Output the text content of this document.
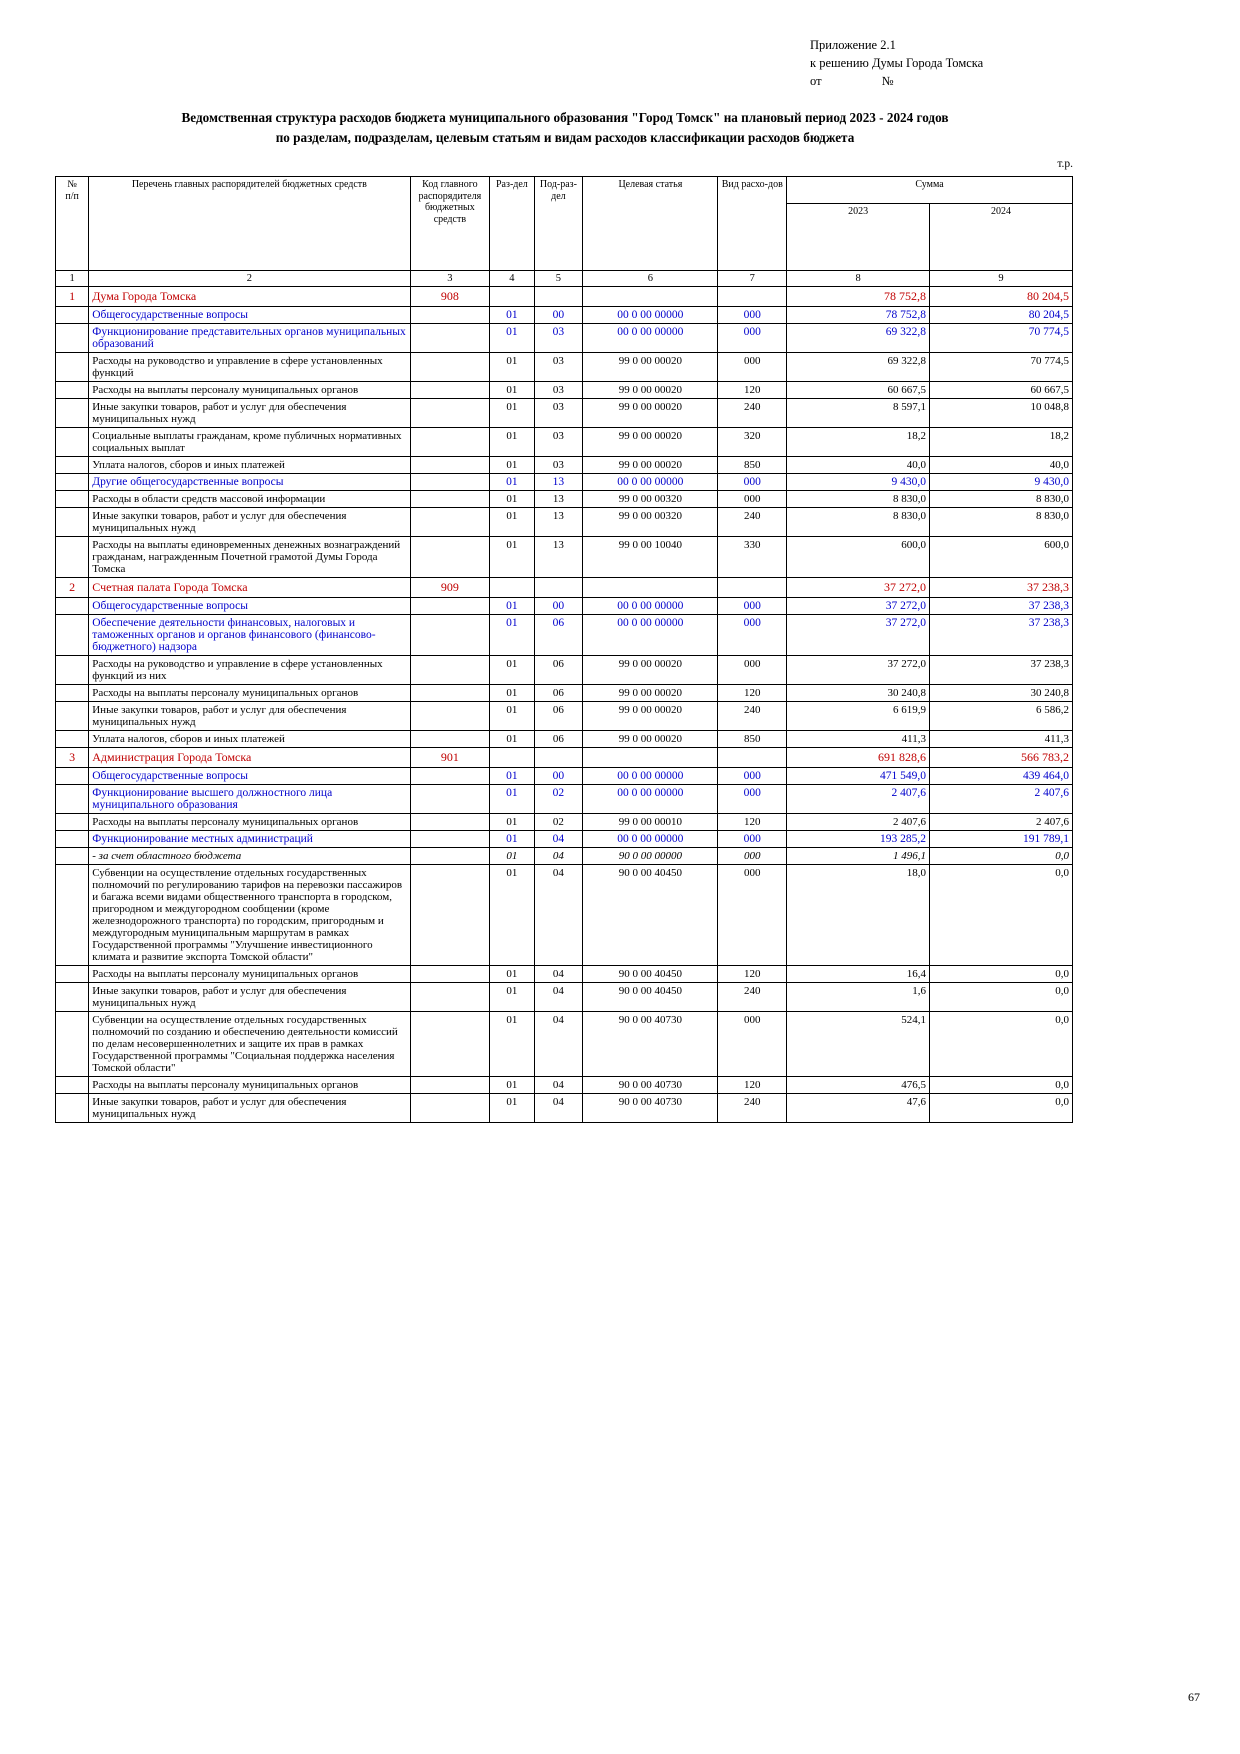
Приложение 2.1
к решению Думы Города Томска
от	№
Ведомственная структура расходов бюджета муниципального образования "Город Томск" на плановый период 2023 - 2024 годов
по разделам, подразделам, целевым статьям и видам расходов классификации расходов бюджета
т.р.
№
п/п	Перечень главных распорядителей бюджетных средств	Код главного распорядителя бюджетных средств	Раз-дел	Под-раз-дел	Целевая статья	Вид расхо-дов	Сумма	
							2023	2024
1	2	3	4	5	6	7	8	9
1	Дума Города Томска	908					78 752,8	80 204,5
	Общегосударственные вопросы		01	00	00 0 00 00000	000	78 752,8	80 204,5
	Функционирование представительных органов муниципальных образований		01	03	00 0 00 00000	000	69 322,8	70 774,5
	Расходы на руководство и управление в сфере установленных функций		01	03	99 0 00 00020	000	69 322,8	70 774,5
	Расходы на выплаты персоналу муниципальных органов		01	03	99 0 00 00020	120	60 667,5	60 667,5
	Иные закупки товаров, работ и услуг для обеспечения муниципальных нужд		01	03	99 0 00 00020	240	8 597,1	10 048,8
	Социальные выплаты гражданам, кроме публичных нормативных социальных выплат		01	03	99 0 00 00020	320	18,2	18,2
	Уплата налогов, сборов и иных платежей		01	03	99 0 00 00020	850	40,0	40,0
	Другие общегосударственные вопросы		01	13	00 0 00 00000	000	9 430,0	9 430,0
	Расходы в области средств массовой информации		01	13	99 0 00 00320	000	8 830,0	8 830,0
	Иные закупки товаров, работ и услуг для обеспечения муниципальных нужд		01	13	99 0 00 00320	240	8 830,0	8 830,0
	Расходы на выплаты единовременных денежных вознаграждений гражданам, награжденным Почетной грамотой Думы Города Томска		01	13	99 0 00 10040	330	600,0	600,0
2	Счетная палата Города Томска	909					37 272,0	37 238,3
	Общегосударственные вопросы		01	00	00 0 00 00000	000	37 272,0	37 238,3
	Обеспечение деятельности финансовых, налоговых и таможенных органов и органов финансового (финансово-бюджетного) надзора		01	06	00 0 00 00000	000	37 272,0	37 238,3
	Расходы на руководство и управление в сфере установленных функций из них		01	06	99 0 00 00020	000	37 272,0	37 238,3
	Расходы на выплаты персоналу муниципальных органов		01	06	99 0 00 00020	120	30 240,8	30 240,8
	Иные закупки товаров, работ и услуг для обеспечения муниципальных нужд		01	06	99 0 00 00020	240	6 619,9	6 586,2
	Уплата налогов, сборов и иных платежей		01	06	99 0 00 00020	850	411,3	411,3
3	Администрация Города Томска	901					691 828,6	566 783,2
	Общегосударственные вопросы		01	00	00 0 00 00000	000	471 549,0	439 464,0
	Функционирование высшего должностного лица муниципального образования		01	02	00 0 00 00000	000	2 407,6	2 407,6
	Расходы на выплаты персоналу муниципальных органов		01	02	99 0 00 00010	120	2 407,6	2 407,6
	Функционирование местных администраций		01	04	00 0 00 00000	000	193 285,2	191 789,1
	- за счет областного бюджета		01	04	90 0 00 00000	000	1 496,1	0,0
	Субвенции на осуществление отдельных государственных полномочий по регулированию тарифов на перевозки пассажиров и багажа всеми видами общественного транспорта в городском, пригородном и междугородном сообщении (кроме железнодорожного транспорта) по городским, пригородным и междугородным муниципальным маршрутам в рамках Государственной программы "Улучшение инвестиционного климата и развитие экспорта Томской области"		01	04	90 0 00 40450	000	18,0	0,0
	Расходы на выплаты персоналу муниципальных органов		01	04	90 0 00 40450	120	16,4	0,0
	Иные закупки товаров, работ и услуг для обеспечения муниципальных нужд		01	04	90 0 00 40450	240	1,6	0,0
	Субвенции на осуществление отдельных государственных полномочий по созданию и обеспечению деятельности комиссий по делам несовершеннолетних и защите их прав в рамках Государственной программы "Социальная поддержка населения Томской области"		01	04	90 0 00 40730	000	524,1	0,0
	Расходы на выплаты персоналу муниципальных органов		01	04	90 0 00 40730	120	476,5	0,0
	Иные закупки товаров, работ и услуг для обеспечения муниципальных нужд		01	04	90 0 00 40730	240	47,6	0,0
67
